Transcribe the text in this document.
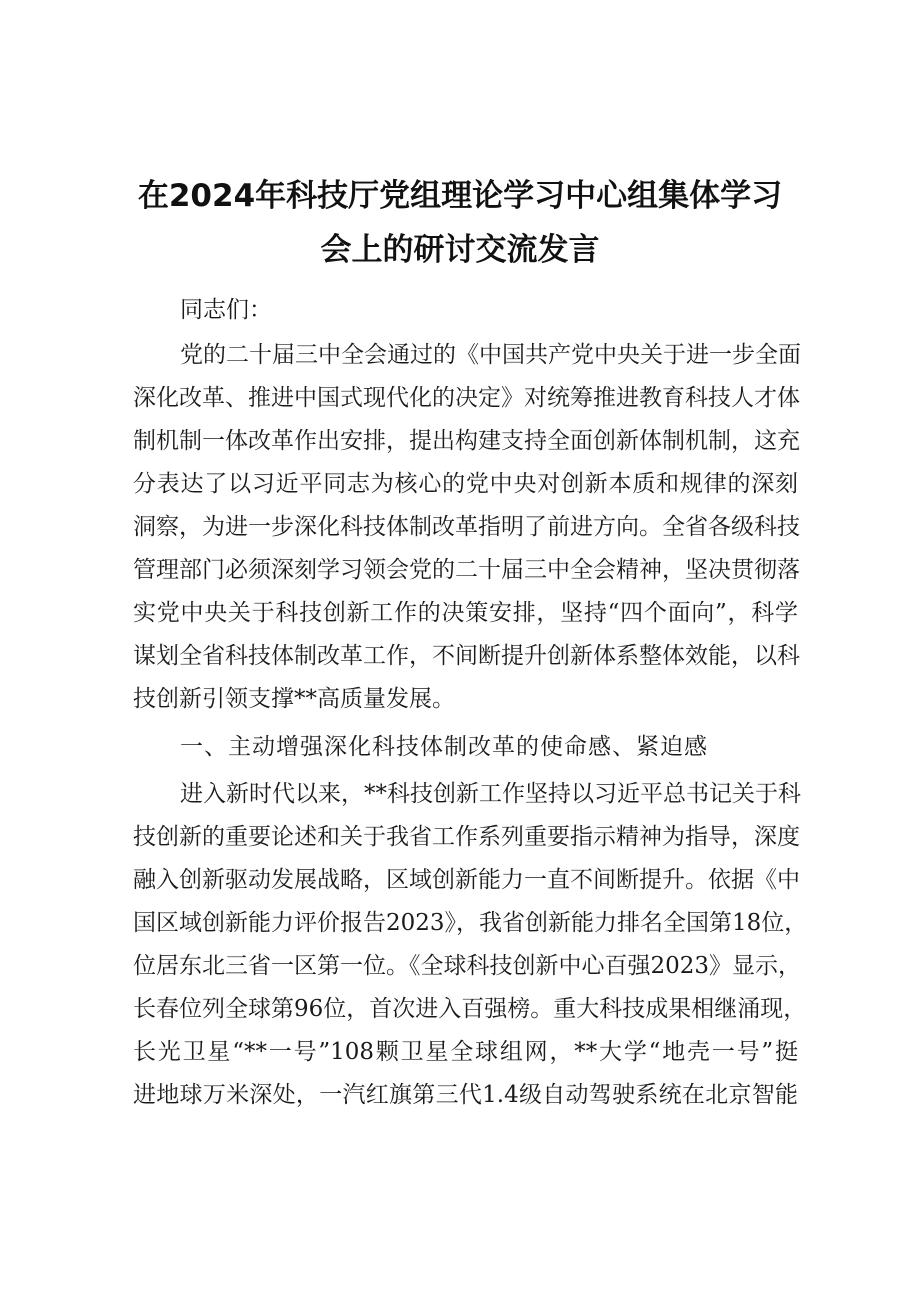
在2024年科技厅党组理论学习中心组集体学习
会上的研讨交流发言
同志们：
党的二十届三中全会通过的《中国共产党中央关于进一步全面
深化改革、推进中国式现代化的决定》对统筹推进教育科技人才体
制机制一体改革作出安排，提出构建支持全面创新体制机制，这充
分表达了以习近平同志为核心的党中央对创新本质和规律的深刻
洞察，为进一步深化科技体制改革指明了前进方向。全省各级科技
管理部门必须深刻学习领会党的二十届三中全会精神，坚决贯彻落
实党中央关于科技创新工作的决策安排，坚持“四个面向”，科学
谋划全省科技体制改革工作，不间断提升创新体系整体效能，以科
技创新引领支撑**高质量发展。
一、主动增强深化科技体制改革的使命感、紧迫感
进入新时代以来，**科技创新工作坚持以习近平总书记关于科
技创新的重要论述和关于我省工作系列重要指示精神为指导，深度
融入创新驱动发展战略，区域创新能力一直不间断提升。依据《中
国区域创新能力评价报告2023》，我省创新能力排名全国第18位，
位居东北三省一区第一位。《全球科技创新中心百强2023》显示，
长春位列全球第96位，首次进入百强榜。重大科技成果相继涌现，
长光卫星“**一号”108颗卫星全球组网，**大学“地壳一号”挺
进地球万米深处，一汽红旗第三代1.4级自动驾驶系统在北京智能
